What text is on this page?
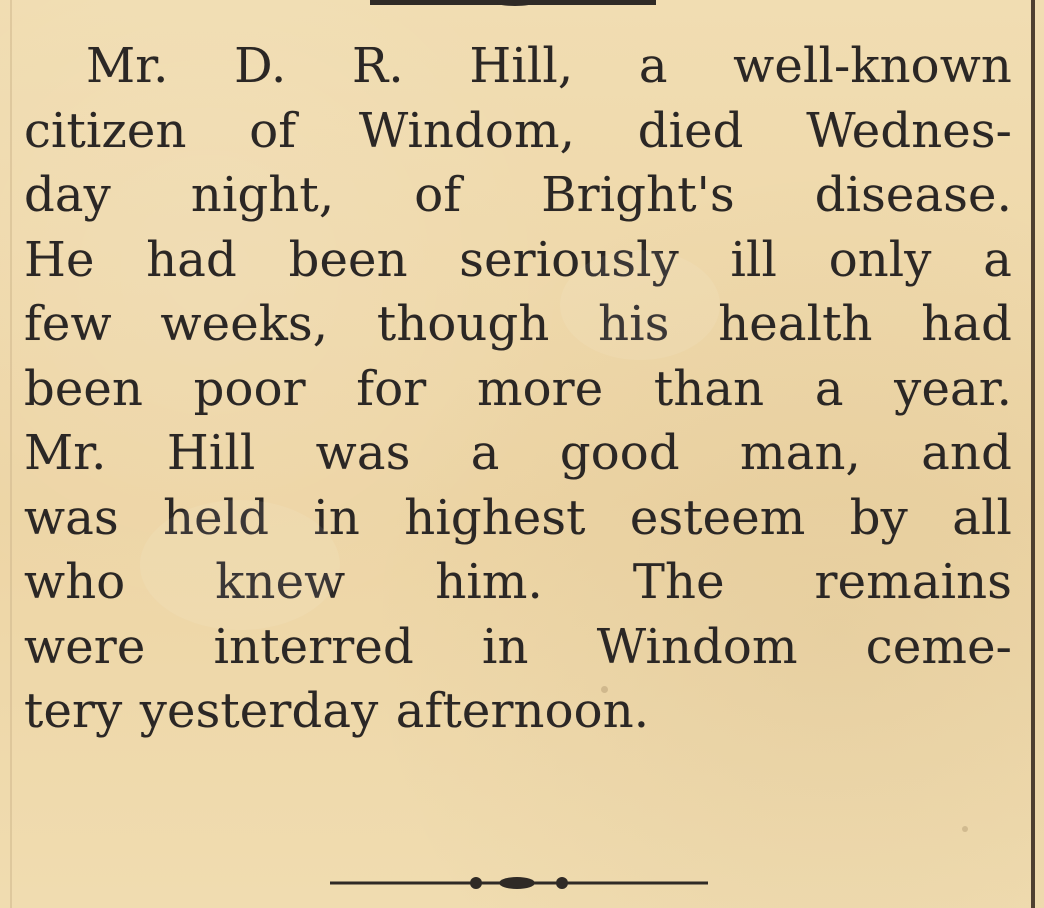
Mr. D. R. Hill, a well-known
citizen of Windom, died Wednes-
day night, of Bright's disease.
He had been seriously ill only a
few weeks, though his health had
been poor for more than a year.
Mr. Hill was a good man, and
was held in highest esteem by all
who knew him. The remains
were interred in Windom ceme-
tery yesterday afternoon.
